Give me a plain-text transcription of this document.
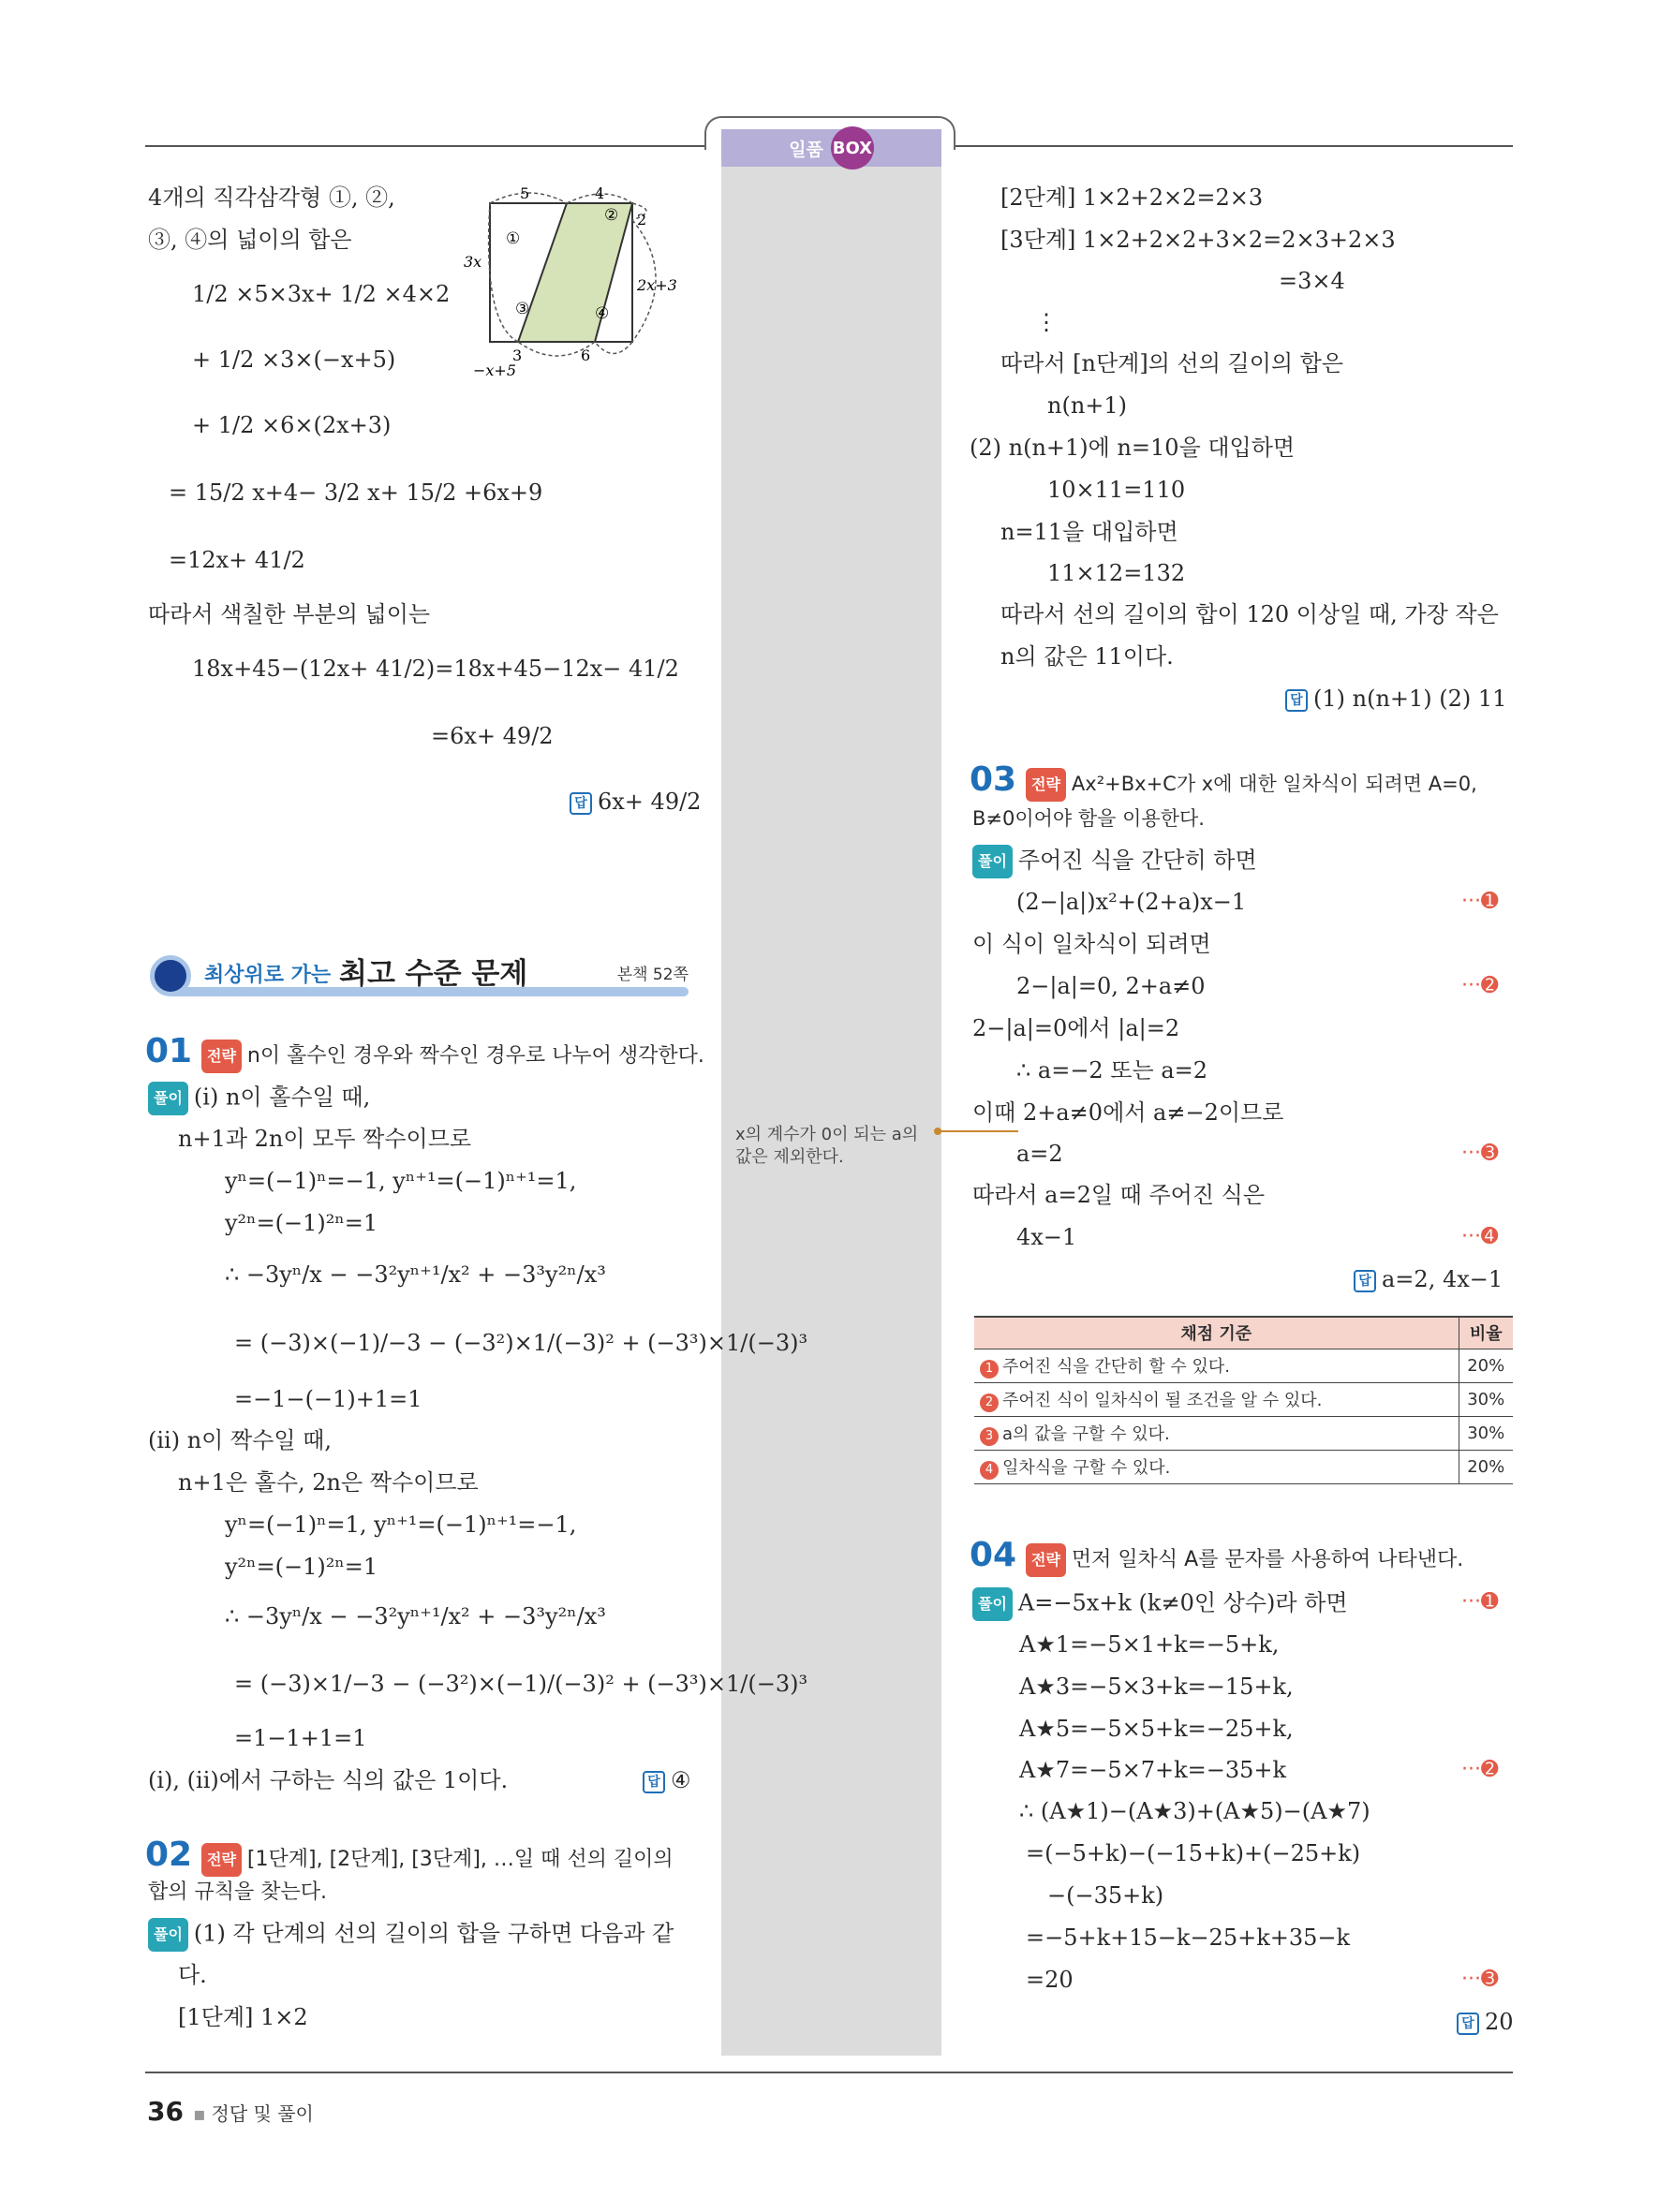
일품 BOX
4개의 직각삼각형 ①, ②,
③, ④의 넓이의 합은
1/2 ×5×3x+ 1/2 ×4×2
+ 1/2 ×3×(−x+5)
+ 1/2 ×6×(2x+3)
= 15/2 x+4− 3/2 x+ 15/2 +6x+9
=12x+ 41/2
따라서 색칠한 부분의 넓이는
18x+45−(12x+ 41/2)=18x+45−12x− 41/2
=6x+ 49/2
답 6x+ 49/2
5	4
3x
2
2x+3
3	6
−x+5
①
②
③	④
최상위로 가는 최고 수준 문제	본책 52쪽
01 전략 n이 홀수인 경우와 짝수인 경우로 나누어 생각한다.
풀이 (i) n이 홀수일 때,
n+1과 2n이 모두 짝수이므로
yⁿ=(−1)ⁿ=−1, yⁿ⁺¹=(−1)ⁿ⁺¹=1,
y²ⁿ=(−1)²ⁿ=1
∴ −3yⁿ/x − −3²yⁿ⁺¹/x² + −3³y²ⁿ/x³
= (−3)×(−1)/−3 − (−3²)×1/(−3)² + (−3³)×1/(−3)³
=−1−(−1)+1=1
(ii) n이 짝수일 때,
n+1은 홀수, 2n은 짝수이므로
yⁿ=(−1)ⁿ=1, yⁿ⁺¹=(−1)ⁿ⁺¹=−1,
y²ⁿ=(−1)²ⁿ=1
∴ −3yⁿ/x − −3²yⁿ⁺¹/x² + −3³y²ⁿ/x³
= (−3)×1/−3 − (−3²)×(−1)/(−3)² + (−3³)×1/(−3)³
=1−1+1=1
(i), (ii)에서 구하는 식의 값은 1이다.	답 ④
02 전략 [1단계], [2단계], [3단계], …일 때 선의 길이의
합의 규칙을 찾는다.
풀이 (1) 각 단계의 선의 길이의 합을 구하면 다음과 같
다.
[1단계] 1×2
[2단계] 1×2+2×2=2×3
[3단계] 1×2+2×2+3×2=2×3+2×3
=3×4
⋮
따라서 [n단계]의 선의 길이의 합은
n(n+1)
(2) n(n+1)에 n=10을 대입하면
10×11=110
n=11을 대입하면
11×12=132
따라서 선의 길이의 합이 120 이상일 때, 가장 작은
n의 값은 11이다.
답 (1) n(n+1) (2) 11
03 전략 Ax²+Bx+C가 x에 대한 일차식이 되려면 A=0,
B≠0이어야 함을 이용한다.
풀이 주어진 식을 간단히 하면
(2−|a|)x²+(2+a)x−1
이 식이 일차식이 되려면
2−|a|=0, 2+a≠0
2−|a|=0에서 |a|=2
∴ a=−2 또는 a=2
이때 2+a≠0에서 a≠−2이므로
a=2
따라서 a=2일 때 주어진 식은
4x−1
···➊
···➋
···➌
···➍
답 a=2, 4x−1
x의 계수가 0이 되는 a의 값은 제외한다.
채점 기준	비율
1 주어진 식을 간단히 할 수 있다.	20%
2 주어진 식이 일차식이 될 조건을 알 수 있다.	30%
3 a의 값을 구할 수 있다.	30%
4 일차식을 구할 수 있다.	20%
04 전략 먼저 일차식 A를 문자를 사용하여 나타낸다.
풀이 A=−5x+k (k≠0인 상수)라 하면
A★1=−5×1+k=−5+k,
A★3=−5×3+k=−15+k,
A★5=−5×5+k=−25+k,
A★7=−5×7+k=−35+k
∴ (A★1)−(A★3)+(A★5)−(A★7)
=(−5+k)−(−15+k)+(−25+k)
−(−35+k)
=−5+k+15−k−25+k+35−k
=20
···➊
···➋
···➌
답 20
36 ▪ 정답 및 풀이
